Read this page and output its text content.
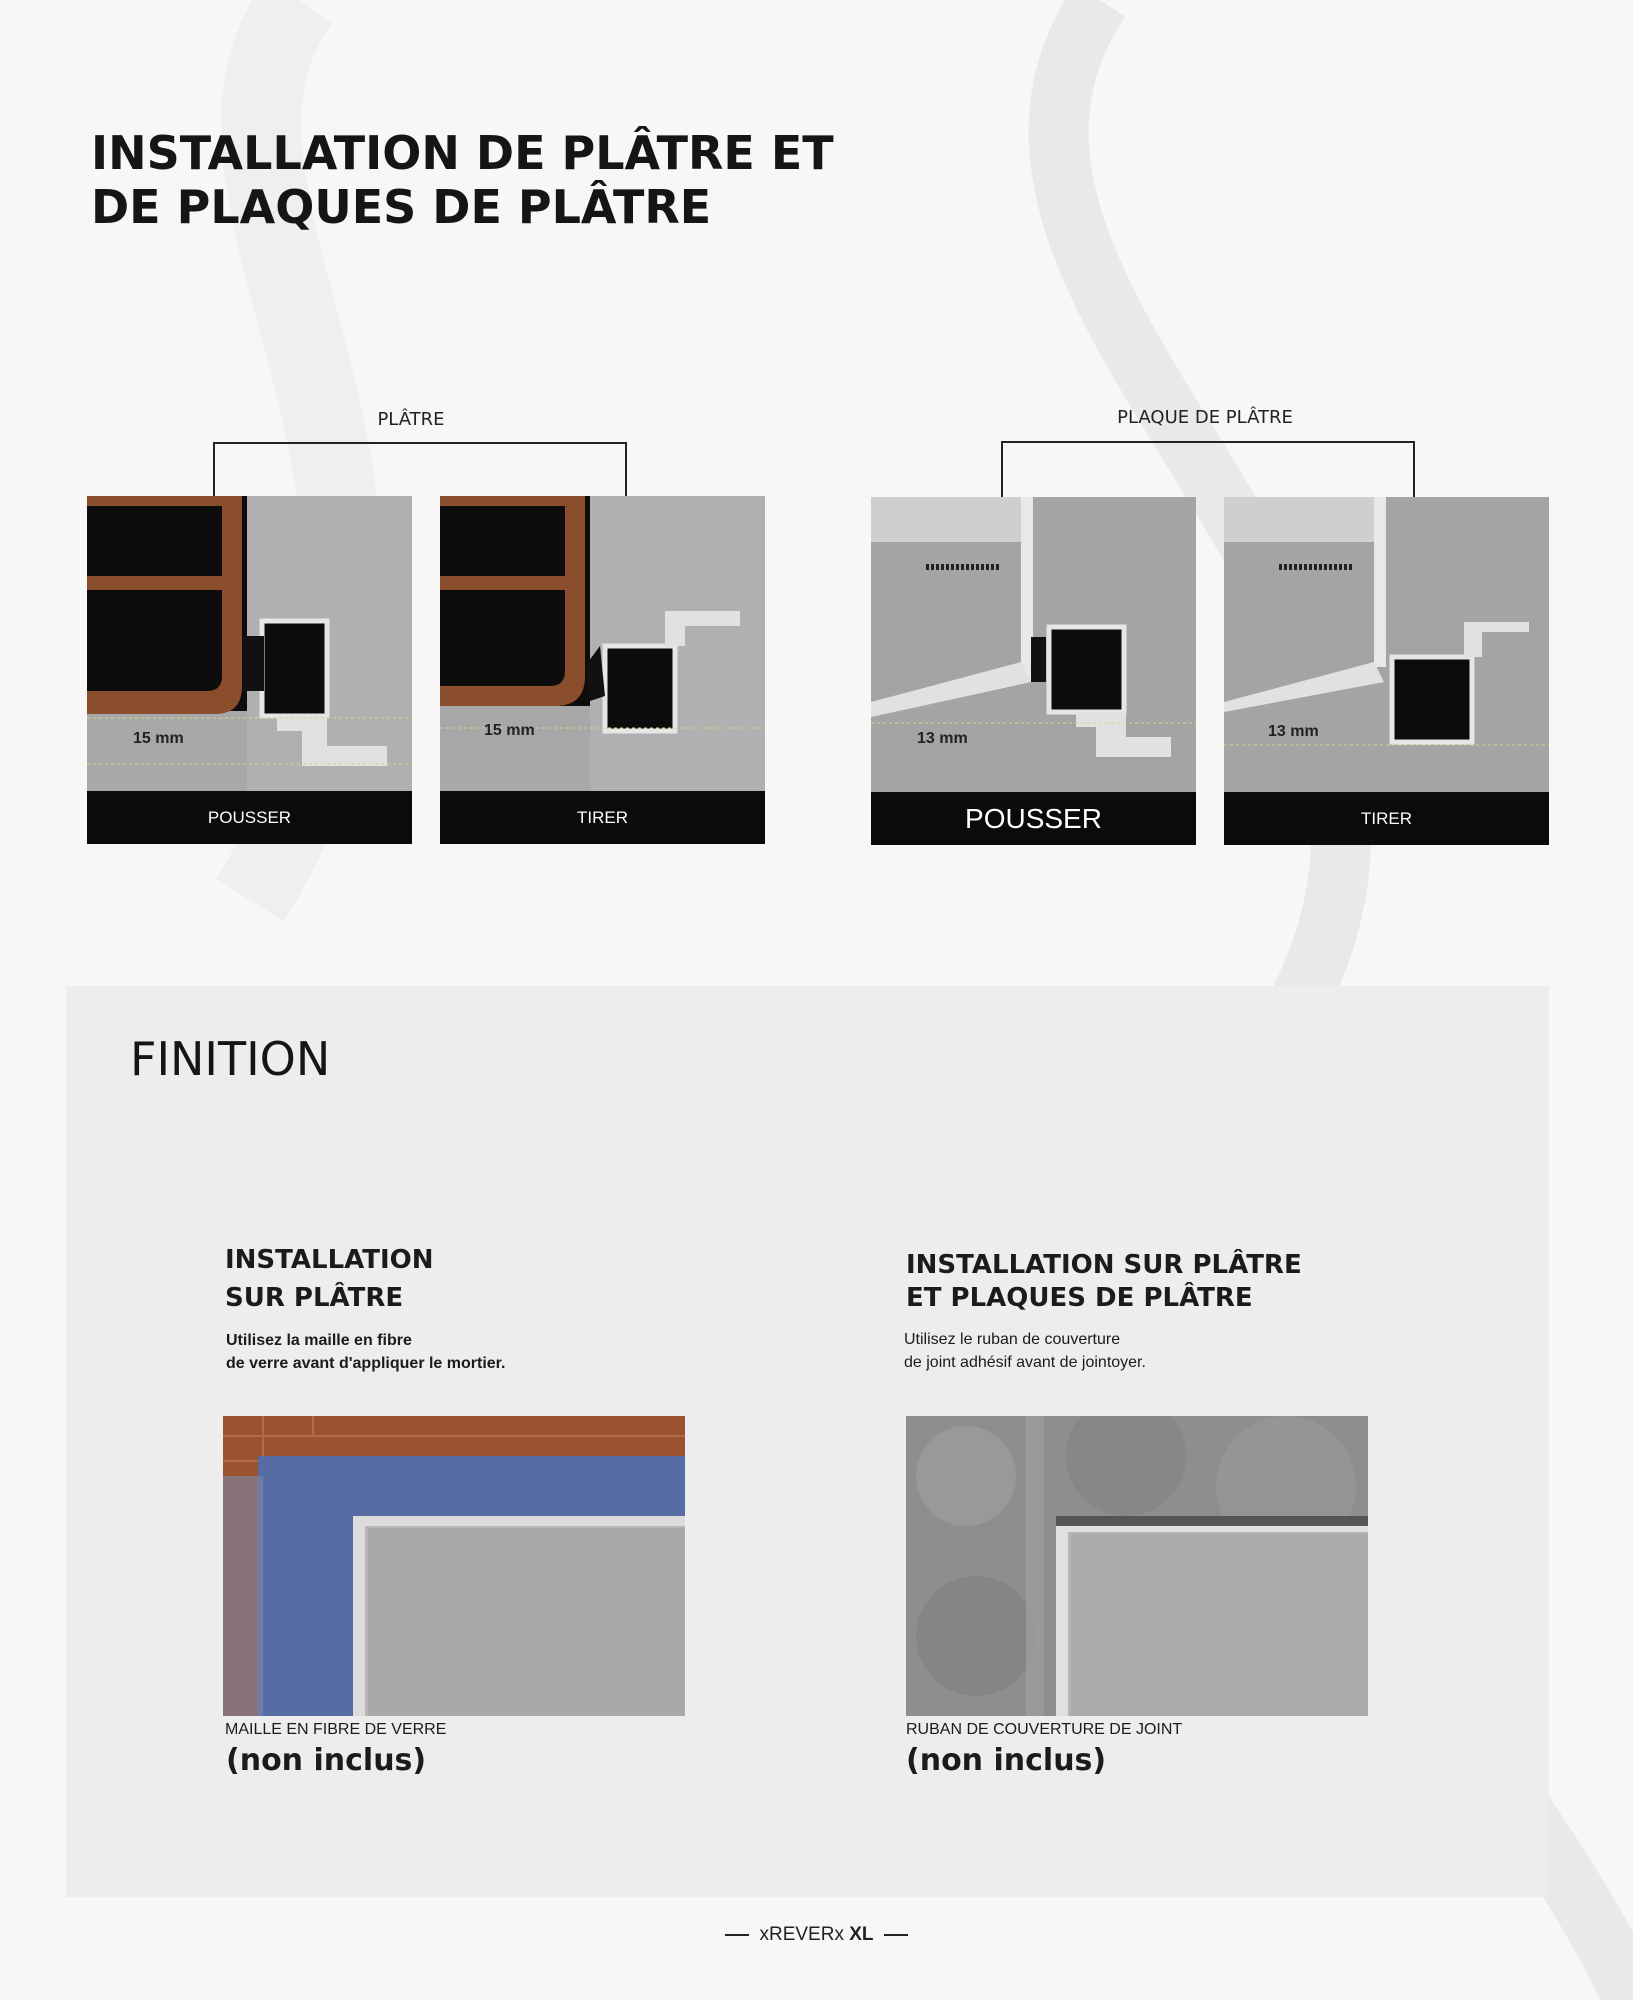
INSTALLATION DE PLÂTRE ET
DE PLAQUES DE PLÂTRE
PLÂTRE
15 mm
POUSSER
15 mm
TIRER
PLAQUE DE PLÂTRE
13 mm
POUSSER
13 mm
TIRER
FINITION
INSTALLATION
SUR PLÂTRE
Utilisez la maille en fibre
de verre avant d'appliquer le mortier.
MAILLE EN FIBRE DE VERRE
(non inclus)
INSTALLATION SUR PLÂTRE
ET PLAQUES DE PLÂTRE
Utilisez le ruban de couverture
de joint adhésif avant de jointoyer.
RUBAN DE COUVERTURE DE JOINT
(non inclus)
xREVERx XL
